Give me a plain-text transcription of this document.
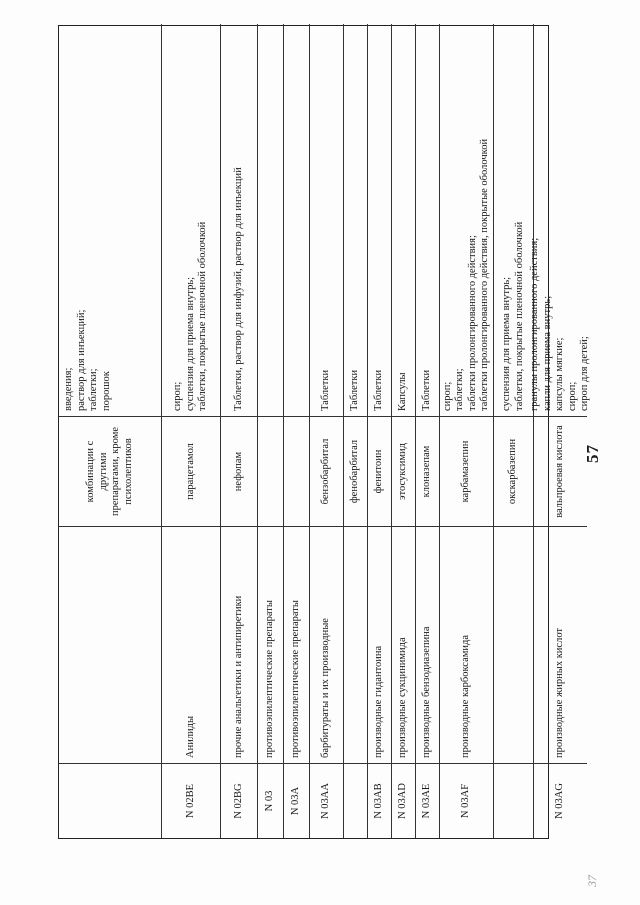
комбинации с другими препаратами, кроме психолептиков
введения;
раствор для инъекций;
таблетки;
порошок
N 02BE
Анилиды
парацетамол
сироп;
суспензия для приема внутрь;
таблетки, покрытые пленочной оболочкой
N 02BG
прочие анальгетики и антипиретики
нефопам
Таблетки, раствор для инфузий, раствор для инъекций
N 03
противоэпилептические препараты
N 03A
противоэпилептические препараты
N 03AA
барбитураты и их производные
бензобарбитал
Таблетки
фенобарбитал
Таблетки
N 03AB
производные гидантоина
фенитоин
Таблетки
N 03AD
производные сукцинимида
этосуксимид
Капсулы
N 03AE
производные бензодиазепина
клоназепам
Таблетки
N 03AF
производные карбоксамида
карбамазепин
сироп;
таблетки;
таблетки пролонгированного действия;
таблетки пролонгированного действия, покрытые оболочкой
окскарбазепин
суспензия для приема внутрь;
таблетки, покрытые пленочной оболочкой
N 03AG
производные жирных кислот
вальпроевая кислота
гранулы пролонгированного действия;
капли для приема внутрь;
капсулы мягкие;
сироп;
сироп для детей;
57
37
